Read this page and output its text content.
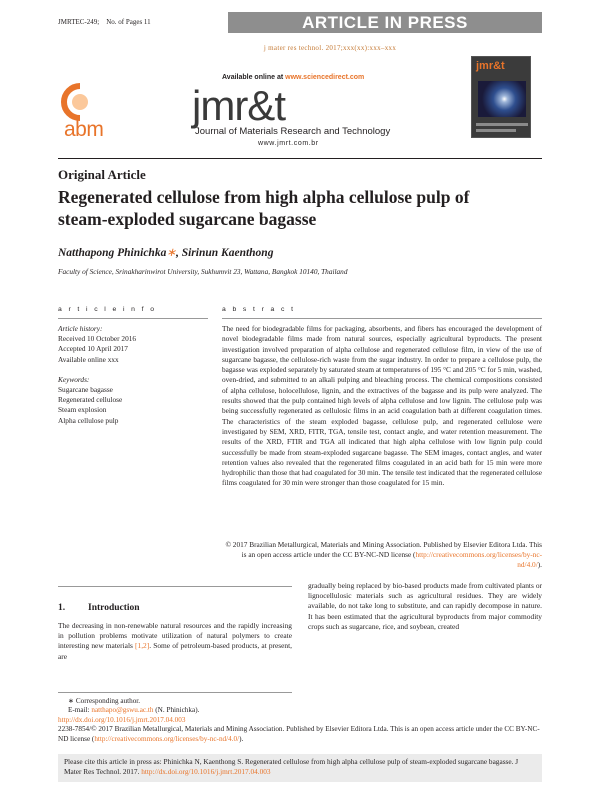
JMRTEC-249; No. of Pages 11	ARTICLE IN PRESS
j mater res technol. 2017;xxx(xx):xxx–xxx
abm
Available online at www.sciencedirect.com
jmr&t
Journal of Materials Research and Technology
www.jmrt.com.br
jmr&t
Original Article
Regenerated cellulose from high alpha cellulose pulp of steam-exploded sugarcane bagasse
Natthapong Phinichka∗, Sirinun Kaenthong
Faculty of Science, Srinakharinwirot University, Sukhumvit 23, Wattana, Bangkok 10140, Thailand
a r t i c l e i n f o	a b s t r a c t
Article history:
Received 10 October 2016
Accepted 10 April 2017
Available online xxx
Keywords:
Sugarcane bagasse
Regenerated cellulose
Steam explosion
Alpha cellulose pulp
The need for biodegradable films for packaging, absorbents, and fibers has encouraged the development of novel biodegradable films made from natural sources, especially agricultural byproducts. The present investigation involved preparation of alpha cellulose and regenerated cellulose film, in view of the use of sugarcane bagasse, the cellulose-rich waste from the sugar industry. In order to prepare a cellulose pulp, the bagasse was exploded separately by saturated steam at temperatures of 195 °C and 205 °C for 5 min, washed, oven-dried, and submitted to an alkali pulping and bleaching process. The chemical compositions consisted of alpha cellulose, holocellulose, lignin, and the extractives of the bagasse and its pulp were analyzed. The results showed that the pulp contained high levels of alpha cellulose and low lignin. The cellulose pulp was being successfully regenerated as cellulosic films in an acid coagulation bath at different coagulation times. The characteristics of the steam exploded bagasse, cellulose pulp, and regenerated cellulose were investigated by SEM, XRD, FITR, TGA, tensile test, contact angle, and water retention measurement. The results of the XRD, FTIR and TGA all indicated that high alpha cellulose with low lignin pulp could successfully be made from steam-exploded sugarcane bagasse. The SEM images, contact angles, and water retention values also revealed that the regenerated films coagulated in an acid bath for 15 min were more hydrophilic than those that had coagulated for 30 min. The tensile test indicated that the regenerated cellulose films coagulated for 30 min were stronger than those coagulated for 15 min.
© 2017 Brazilian Metallurgical, Materials and Mining Association. Published by Elsevier Editora Ltda. This is an open access article under the CC BY-NC-ND license (http://creativecommons.org/licenses/by-nc-nd/4.0/).
1. Introduction
The decreasing in non-renewable natural resources and the rapidly increasing in pollution problems motivate utilization of natural polymers to create interesting new materials [1,2]. Some of petroleum-based products, at present, are
gradually being replaced by bio-based products made from cultivated plants or lignocellulosic materials such as agricultural residues. They are widely available, do not take long to substitute, and can rapidly decompose in nature. It has been estimated that the agricultural byproducts from major commodity crops such as sugarcane, rice, and soybean, created
∗ Corresponding author.
E-mail: natthapo@gswu.ac.th (N. Phinichka).
http://dx.doi.org/10.1016/j.jmrt.2017.04.003
2238-7854/© 2017 Brazilian Metallurgical, Materials and Mining Association. Published by Elsevier Editora Ltda. This is an open access article under the CC BY-NC-ND license (http://creativecommons.org/licenses/by-nc-nd/4.0/).
Please cite this article in press as: Phinichka N, Kaenthong S. Regenerated cellulose from high alpha cellulose pulp of steam-exploded sugarcane bagasse. J Mater Res Technol. 2017. http://dx.doi.org/10.1016/j.jmrt.2017.04.003
